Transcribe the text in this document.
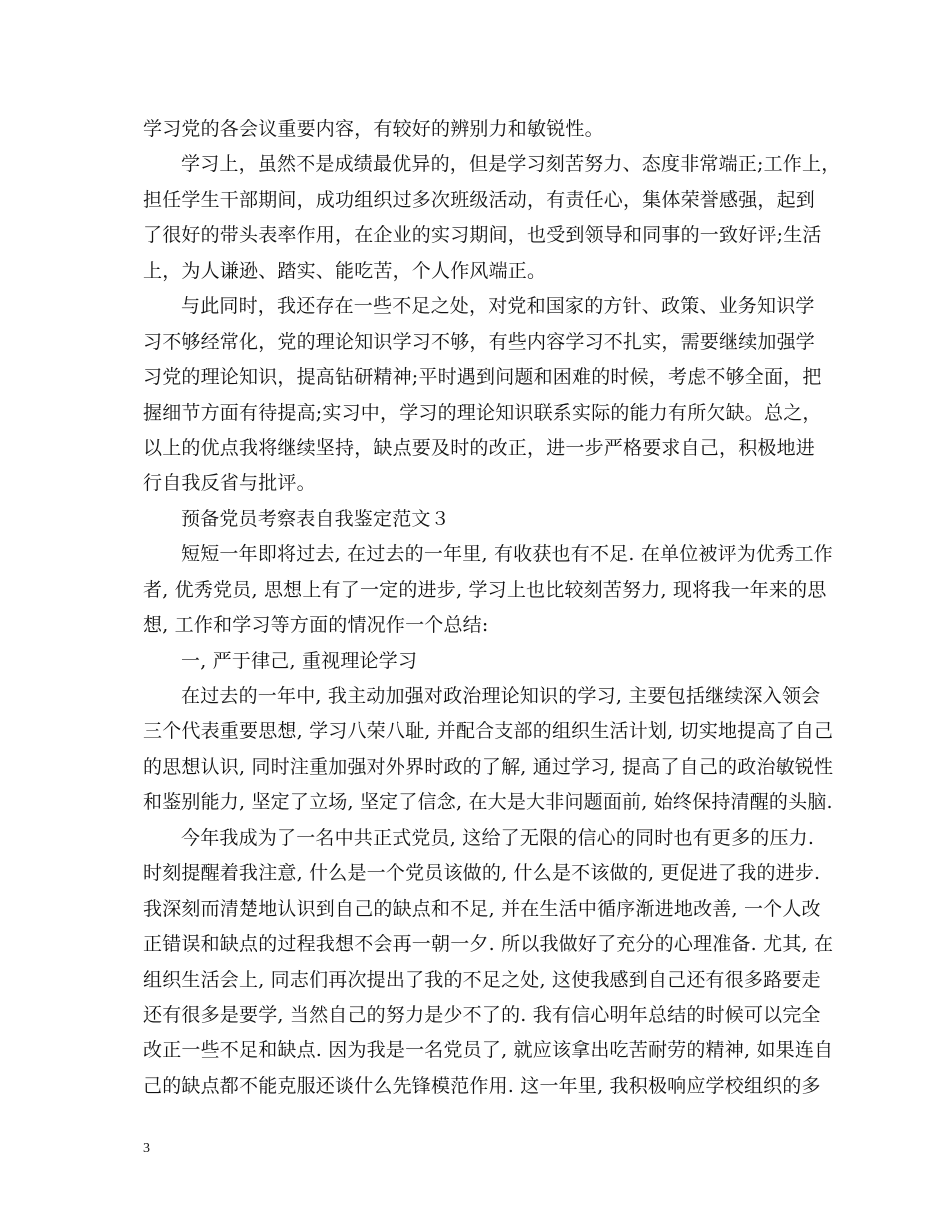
学习党的各会议重要内容，有较好的辨别力和敏锐性。
学习上，虽然不是成绩最优异的，但是学习刻苦努力、态度非常端正;工作上，
担任学生干部期间，成功组织过多次班级活动，有责任心，集体荣誉感强，起到
了很好的带头表率作用，在企业的实习期间，也受到领导和同事的一致好评;生活
上，为人谦逊、踏实、能吃苦，个人作风端正。
与此同时，我还存在一些不足之处，对党和国家的方针、政策、业务知识学
习不够经常化，党的理论知识学习不够，有些内容学习不扎实，需要继续加强学
习党的理论知识，提高钻研精神;平时遇到问题和困难的时候，考虑不够全面，把
握细节方面有待提高;实习中，学习的理论知识联系实际的能力有所欠缺。总之，
以上的优点我将继续坚持，缺点要及时的改正，进一步严格要求自己，积极地进
行自我反省与批评。
预备党员考察表自我鉴定范文３
短短一年即将过去, 在过去的一年里, 有收获也有不足. 在单位被评为优秀工作
者, 优秀党员, 思想上有了一定的进步, 学习上也比较刻苦努力, 现将我一年来的思
想, 工作和学习等方面的情况作一个总结:
一, 严于律己, 重视理论学习
在过去的一年中, 我主动加强对政治理论知识的学习, 主要包括继续深入领会
三个代表重要思想, 学习八荣八耻, 并配合支部的组织生活计划, 切实地提高了自己
的思想认识, 同时注重加强对外界时政的了解, 通过学习, 提高了自己的政治敏锐性
和鉴别能力, 坚定了立场, 坚定了信念, 在大是大非问题面前, 始终保持清醒的头脑.
今年我成为了一名中共正式党员, 这给了无限的信心的同时也有更多的压力.
时刻提醒着我注意, 什么是一个党员该做的, 什么是不该做的, 更促进了我的进步.
我深刻而清楚地认识到自己的缺点和不足, 并在生活中循序渐进地改善, 一个人改
正错误和缺点的过程我想不会再一朝一夕. 所以我做好了充分的心理准备. 尤其, 在
组织生活会上, 同志们再次提出了我的不足之处, 这使我感到自己还有很多路要走
还有很多是要学, 当然自己的努力是少不了的. 我有信心明年总结的时候可以完全
改正一些不足和缺点. 因为我是一名党员了, 就应该拿出吃苦耐劳的精神, 如果连自
己的缺点都不能克服还谈什么先锋模范作用. 这一年里, 我积极响应学校组织的多
3
